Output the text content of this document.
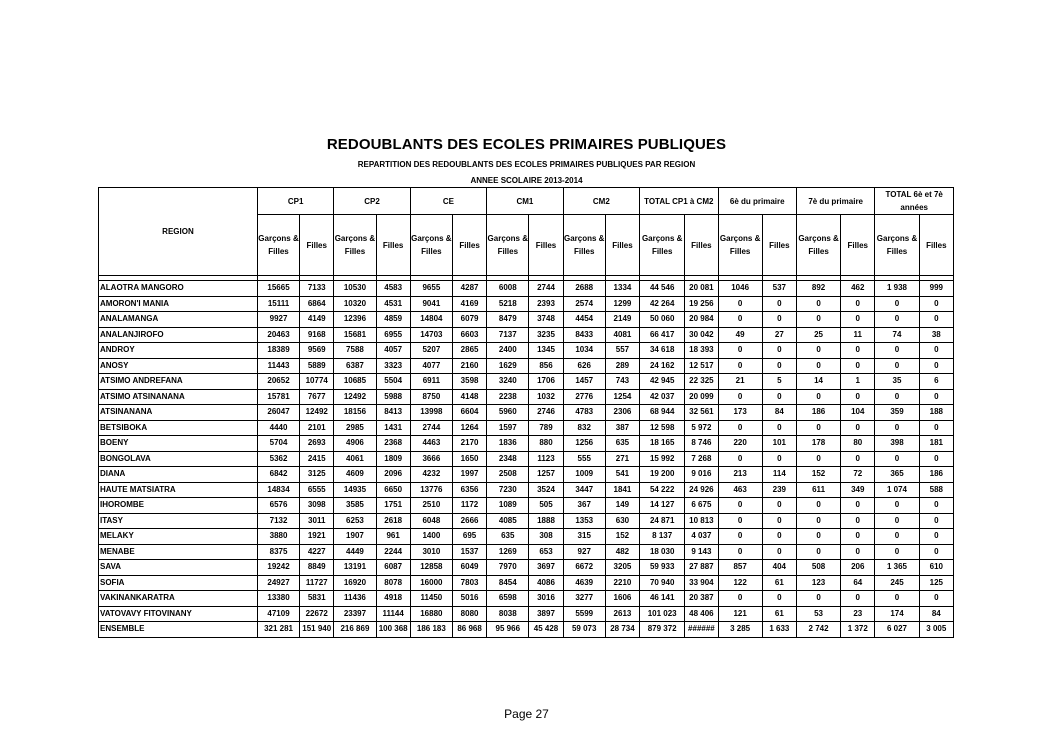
REDOUBLANTS DES ECOLES PRIMAIRES PUBLIQUES
REPARTITION DES REDOUBLANTS DES ECOLES PRIMAIRES PUBLIQUES PAR REGION
ANNEE SCOLAIRE 2013-2014
REGION	CP1		CP2		CE		CM1		CM2		TOTAL CP1 à CM2		6è du primaire		7è du primaire		TOTAL 6è et 7è années	
	Garçons & Filles	Filles	Garçons & Filles	Filles	Garçons & Filles	Filles	Garçons & Filles	Filles	Garçons & Filles	Filles	Garçons & Filles	Filles	Garçons & Filles	Filles	Garçons & Filles	Filles	Garçons & Filles	Filles

ALAOTRA MANGORO	15665	7133	10530	4583	9655	4287	6008	2744	2688	1334	44 546	20 081	1046	537	892	462	1 938	999
AMORON'I MANIA	15111	6864	10320	4531	9041	4169	5218	2393	2574	1299	42 264	19 256	0	0	0	0	0	0
ANALAMANGA	9927	4149	12396	4859	14804	6079	8479	3748	4454	2149	50 060	20 984	0	0	0	0	0	0
ANALANJIROFO	20463	9168	15681	6955	14703	6603	7137	3235	8433	4081	66 417	30 042	49	27	25	11	74	38
ANDROY	18389	9569	7588	4057	5207	2865	2400	1345	1034	557	34 618	18 393	0	0	0	0	0	0
ANOSY	11443	5889	6387	3323	4077	2160	1629	856	626	289	24 162	12 517	0	0	0	0	0	0
ATSIMO ANDREFANA	20652	10774	10685	5504	6911	3598	3240	1706	1457	743	42 945	22 325	21	5	14	1	35	6
ATSIMO ATSINANANA	15781	7677	12492	5988	8750	4148	2238	1032	2776	1254	42 037	20 099	0	0	0	0	0	0
ATSINANANA	26047	12492	18156	8413	13998	6604	5960	2746	4783	2306	68 944	32 561	173	84	186	104	359	188
BETSIBOKA	4440	2101	2985	1431	2744	1264	1597	789	832	387	12 598	5 972	0	0	0	0	0	0
BOENY	5704	2693	4906	2368	4463	2170	1836	880	1256	635	18 165	8 746	220	101	178	80	398	181
BONGOLAVA	5362	2415	4061	1809	3666	1650	2348	1123	555	271	15 992	7 268	0	0	0	0	0	0
DIANA	6842	3125	4609	2096	4232	1997	2508	1257	1009	541	19 200	9 016	213	114	152	72	365	186
HAUTE MATSIATRA	14834	6555	14935	6650	13776	6356	7230	3524	3447	1841	54 222	24 926	463	239	611	349	1 074	588
IHOROMBE	6576	3098	3585	1751	2510	1172	1089	505	367	149	14 127	6 675	0	0	0	0	0	0
ITASY	7132	3011	6253	2618	6048	2666	4085	1888	1353	630	24 871	10 813	0	0	0	0	0	0
MELAKY	3880	1921	1907	961	1400	695	635	308	315	152	8 137	4 037	0	0	0	0	0	0
MENABE	8375	4227	4449	2244	3010	1537	1269	653	927	482	18 030	9 143	0	0	0	0	0	0
SAVA	19242	8849	13191	6087	12858	6049	7970	3697	6672	3205	59 933	27 887	857	404	508	206	1 365	610
SOFIA	24927	11727	16920	8078	16000	7803	8454	4086	4639	2210	70 940	33 904	122	61	123	64	245	125
VAKINANKARATRA	13380	5831	11436	4918	11450	5016	6598	3016	3277	1606	46 141	20 387	0	0	0	0	0	0
VATOVAVY FITOVINANY	47109	22672	23397	11144	16880	8080	8038	3897	5599	2613	101 023	48 406	121	61	53	23	174	84
ENSEMBLE	321 281	151 940	216 869	100 368	186 183	86 968	95 966	45 428	59 073	28 734	879 372	######	3 285	1 633	2 742	1 372	6 027	3 005
Page 27
